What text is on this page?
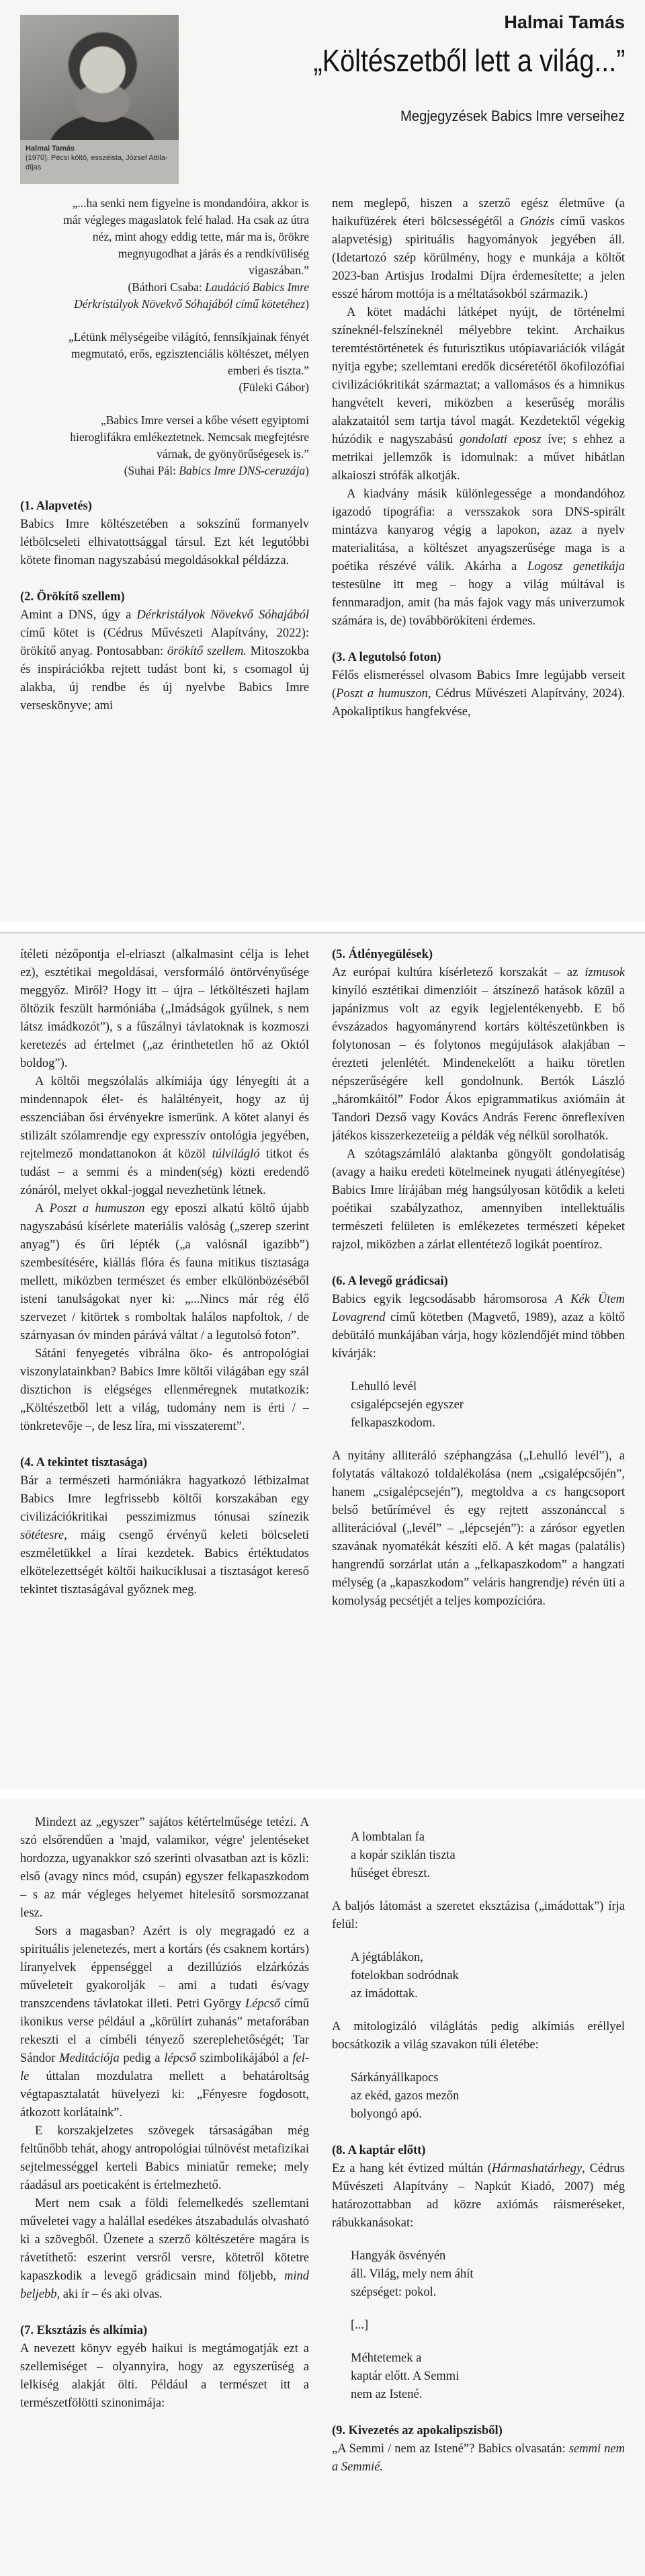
Halmai Tamás
(1970), Pécsi költő, esszéista, József Attila-díjas
Halmai Tamás
„Költészetből lett a világ...”
Megjegyzések Babics Imre verseihez
„...ha senki nem figyelne is mondandóira, akkor is már végleges magaslatok felé halad. Ha csak az útra néz, mint ahogy eddig tette, már ma is, örökre megnyugodhat a járás és a rendkívüliség vigaszában.”
(Báthori Csaba: Laudáció Babics Imre Dérkristályok Növekvő Sóhajából című kötetéhez)
„Létünk mélységeibe világító, fennsíkjainak fényét megmutató, erős, egzisztenciális költészet, mélyen emberi és tiszta.”
(Füleki Gábor)
„Babics Imre versei a kőbe vésett egyiptomi hieroglifákra emlékeztetnek. Nemcsak megfejtésre várnak, de gyönyörűségesek is.”
(Suhai Pál: Babics Imre DNS-ceruzája)
(1. Alapvetés)

Babics Imre költészetében a sokszínű formanyelv létbölcseleti elhivatottsággal társul. Ezt két legutóbbi kötete finoman nagyszabású megoldásokkal példázza.

(2. Örökítő szellem)

Amint a DNS, úgy a Dérkristályok Növekvő Sóhajából című kötet is (Cédrus Művészeti Alapítvány, 2022): örökítő anyag. Pontosabban: örökítő szellem. Mitoszokba és inspirációkba rejtett tudást bont ki, s csomagol új alakba, új rendbe és új nyelvbe Babics Imre verseskönyve; ami

nem meglepő, hiszen a szerző egész életműve (a haikufüzérek éteri bölcsességétől a Gnózis című vaskos alapvetésig) spirituális hagyományok jegyében áll. (Idetartozó szép körülmény, hogy e munkája a költőt 2023-ban Artisjus Irodalmi Díjra érdemesítette; a jelen esszé három mottója is a méltatásokból származik.)

A kötet madáchi látképet nyújt, de történelmi színeknél-felszíneknél mélyebbre tekint. Archaikus teremtéstörténetek és futurisztikus utópiavariációk világát nyitja egybe; szellemtani eredők dicséretétől ökofilozófiai civilizációkritikát származtat; a vallomásos és a himnikus hangvételt keveri, miközben a keserűség morális alakzataitól sem tartja távol magát. Kezdetektől végekig húzódik e nagyszabású gondolati eposz íve; s ehhez a metrikai jellemzők is idomulnak: a művet hibátlan alkaioszi strófák alkotják.

A kiadvány másik különlegessége a mondandóhoz igazodó tipográfia: a versszakok sora DNS-spirált mintázva kanyarog végig a lapokon, azaz a nyelv materialitása, a költészet anyagszerűsége maga is a poétika részévé válik. Akárha a Logosz genetikája testesülne itt meg – hogy a világ múltával is fennmaradjon, amit (ha más fajok vagy más univerzumok számára is, de) továbbörökíteni érdemes.

(3. A legutolsó foton)

Félős elismeréssel olvasom Babics Imre legújabb verseit (Poszt a humuszon, Cédrus Művészeti Alapítvány, 2024). Apokaliptikus hangfekvése,

ítéleti nézőpontja el-elriaszt (alkalmasint célja is lehet ez), esztétikai megoldásai, versformáló öntörvényűsége meggyőz. Miről? Hogy itt – újra – létköltészeti hajlam öltözik feszült harmóniába („Imádságok gyűlnek, s nem látsz imádkozót”), s a fűszálnyi távlatoknak is kozmoszi keretezés ad értelmet („az érinthetetlen hő az Októl boldog”).

A költői megszólalás alkímiája úgy lényegíti át a mindennapok élet- és haláltényeit, hogy az új esszenciában ősi érvényekre ismerünk. A kötet alanyi és stilizált szólamrendje egy expresszív ontológia jegyében, rejtelmező mondattanokon át közöl túlvilágló titkot és tudást – a semmi és a minden(ség) közti eredendő zónáról, melyet okkal-joggal nevezhetünk létnek.

A Poszt a humuszon egy eposzi alkatú költő újabb nagyszabású kísérlete materiális valóság („szerep szerint anyag”) és űri lépték („a valósnál igazibb”) szembesítésére, kiállás flóra és fauna mitikus tisztasága mellett, miközben természet és ember elkülönbözéséből isteni tanulságokat nyer ki: „...Nincs már rég élő szervezet / kitörtek s romboltak halálos napfoltok, / de szárnyasan óv minden párává váltat / a legutolsó foton”.

Sátáni fenyegetés vibrálna öko- és antropológiai viszonylatainkban? Babics Imre költői világában egy szál disztichon is elégséges ellenméregnek mutatkozik: „Költészetből lett a világ, tudomány nem is érti / – tönkretevője –, de lesz líra, mi visszateremt”.

(4. A tekintet tisztasága)

Bár a természeti harmóniákra hagyatkozó létbizalmat Babics Imre legfrissebb költői korszakában egy civilizációkritikai pesszimizmus tónusai színezik sötétesre, máig csengő érvényű keleti bölcseleti eszméletükkel a lírai kezdetek. Babics értéktudatos elkötelezettségét költői haikuciklusai a tisztaságot kereső tekintet tisztaságával győznek meg.

(5. Átlényegülések)

Az európai kultúra kísérletező korszakát – az izmusok kinyíló esztétikai dimenzióit – átszínező hatások közül a japánizmus volt az egyik legjelentékenyebb. E bő évszázados hagyományrend kortárs költészetünkben is folytonosan – és folytonos megújulások alakjában – érezteti jelenlétét. Mindenekelőtt a haiku töretlen népszerűségére kell gondolnunk. Bertók László „háromkáitól” Fodor Ákos epigrammatikus axiómáin át Tandori Dezső vagy Kovács András Ferenc önreflexíven játékos kisszerkezeteiig a példák vég nélkül sorolhatók.

A szótagszámláló alaktanba göngyölt gondolatiság (avagy a haiku eredeti kötelmeinek nyugati átlényegítése) Babics Imre lírájában még hangsúlyosan kötődik a keleti poétikai szabályzathoz, amennyiben intellektuális természeti felületen is emlékezetes természeti képeket rajzol, miközben a zárlat ellentétező logikát poentíroz.

(6. A levegő grádicsai)

Babics egyik legcsodásabb háromsorosa A Kék Ütem Lovagrend című kötetben (Magvető, 1989), azaz a költő debütáló munkájában várja, hogy közlendőjét mind többen kívárják:

Lehulló levél
csigalépcsején egyszer
felkapaszkodom.

A nyitány alliteráló széphangzása („Lehulló levél”), a folytatás váltakozó toldalékolása (nem „csigalépcsőjén”, hanem „csigalépcsején”), megtoldva a cs hangcsoport belső betűrímével és egy rejtett asszonánccal s alliterációval („levél” – „lépcsején”): a zárósor egyetlen szavának nyomatékát készíti elő. A két magas (palatális) hangrendű sorzárlat után a „felkapaszkodom” a hangzati mélység (a „kapaszkodom” veláris hangrendje) révén üti a komolyság pecsétjét a teljes kompozícióra.

Mindezt az „egyszer” sajátos kétértelműsége tetézi. A szó elsőrendűen a 'majd, valamikor, végre' jelentéseket hordozza, ugyanakkor szó szerinti olvasatban azt is közli: első (avagy nincs mód, csupán) egyszer felkapaszkodom – s az már végleges helyemet hitelesítő sorsmozzanat lesz.

Sors a magasban? Azért is oly megragadó ez a spirituális jelenetezés, mert a kortárs (és csaknem kortárs) líranyelvek éppenséggel a dezillúziós elzárkózás műveleteit gyakorolják – ami a tudati és/vagy transzcendens távlatokat illeti. Petri György Lépcső című ikonikus verse például a „körülírt zuhanás” metaforában rekeszti el a címbéli tényező szereplehetőségét; Tar Sándor Meditációja pedig a lépcső szimbolikájából a fel-le úttalan mozdulatra mellett a behatároltság végtapasztalatát hüvelyezi ki: „Fényesre fogdosott, átkozott korlátaink”.

E korszakjelzetes szövegek társaságában még feltűnőbb tehát, ahogy antropológiai túlnövést metafizikai sejtelmességgel kerteli Babics miniatűr remeke; mely ráadásul ars poeticaként is értelmezhető.

Mert nem csak a földi felemelkedés szellemtani műveletei vagy a halállal esedékes átszabadulás olvasható ki a szövegből. Üzenete a szerző költészetére magára is rávetíthető: eszerint versről versre, kötetről kötetre kapaszkodik a levegő grádicsain mind följebb, mind beljebb, aki ír – és aki olvas.

(7. Eksztázis és alkímia)

A nevezett könyv egyéb haikui is megtámogatják ezt a szellemiséget – olyannyira, hogy az egyszerűség a lelkiség alakját ölti. Például a természet itt a természetfölötti szinonimája:

A lombtalan fa
a kopár sziklán tiszta
hűséget ébreszt.

A baljós látomást a szeretet eksztázisa („imádottak”) írja felül:

A jégtáblákon,
fotelokban sodródnak
az imádottak.

A mitologizáló világlátás pedig alkímiás eréllyel bocsátkozik a világ szavakon túli életébe:

Sárkányállkapocs
az ekéd, gazos mezőn
bolyongó apó.
(8. A kaptár előtt)

Ez a hang két évtized múltán (Hármashatárhegy, Cédrus Művészeti Alapítvány – Napkút Kiadó, 2007) még határozottabban ad közre axiómás ráismeréseket, rábukkanásokat:

Hangyák ösvényén
áll. Világ, mely nem áhít
szépséget: pokol.
[...]
Méhtetemek a
kaptár előtt. A Semmi
nem az Istené.
(9. Kivezetés az apokalipszisből)

„A Semmi / nem az Istené”? Babics olvasatán: semmi nem a Semmié.
